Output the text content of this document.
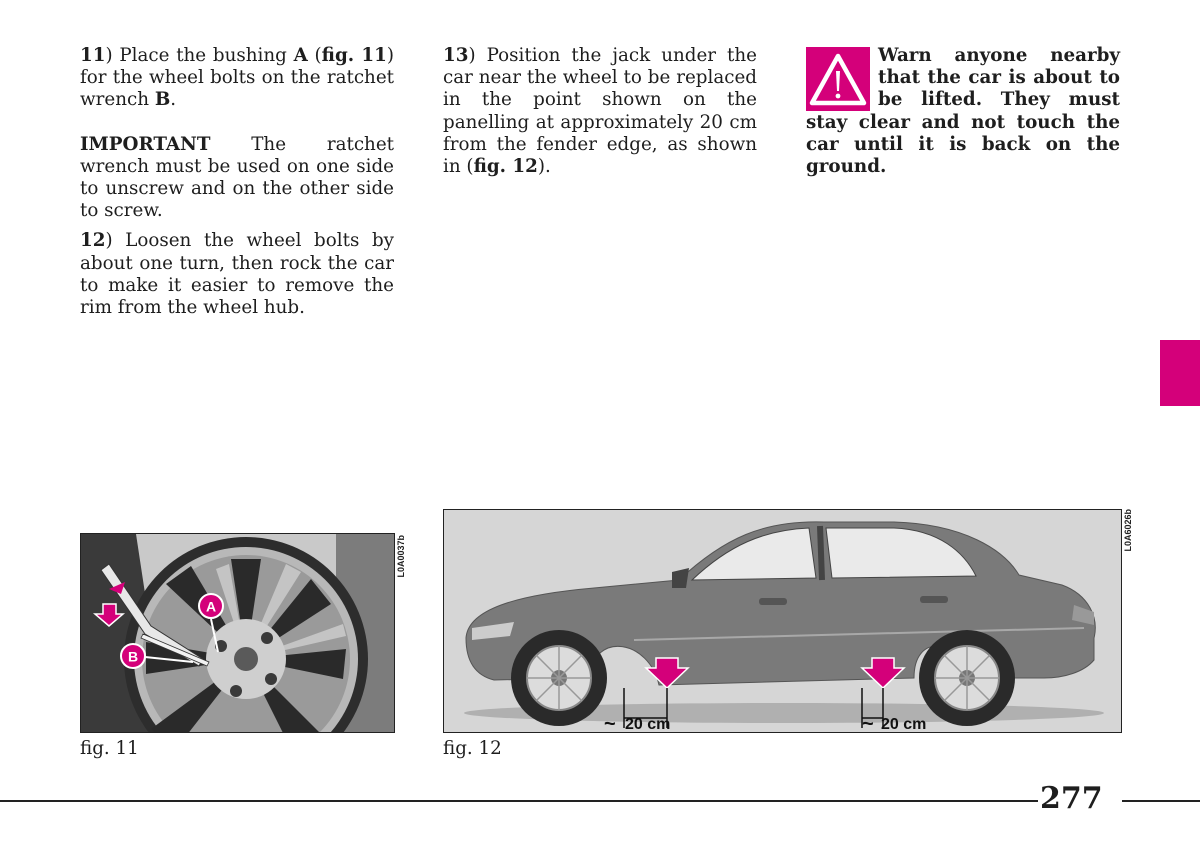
11) Place the bushing A (fig. 11) for the wheel bolts on the ratchet wrench B.

IMPORTANT The ratchet wrench must be used on one side to unscrew and on the other side to screw.

12) Loosen the wheel bolts by about one turn, then rock the car to make it easier to remove the rim from the wheel hub.

13) Position the jack under the car near the wheel to be replaced in the point shown on the panelling at approximately 20 cm from the fender edge, as shown in (fig. 12).

Warn anyone nearby that the car is about to be lifted. They must stay clear and not touch the car until it is back on the ground.
A
B
L0A0037b
fig. 11
~ 20 cm	~ 20 cm
L0A6026b
fig. 12
277
